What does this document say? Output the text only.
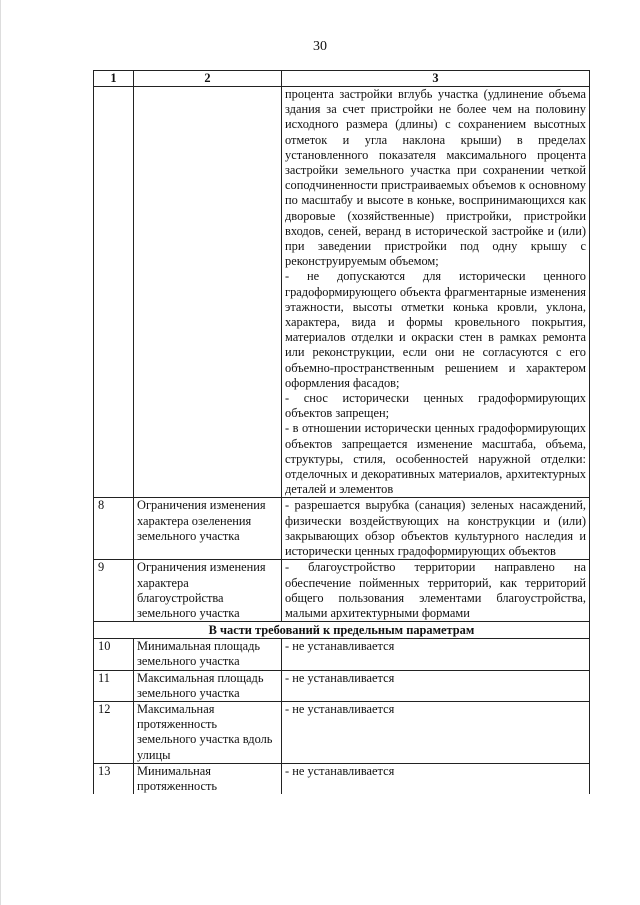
30
1	2	3

		процента застройки вглубь участка (удлинение объема здания за счет пристройки не более чем на половину исходного размера (длины) с сохранением высотных отметок и угла наклона крыши) в пределах установленного показателя максимального процента застройки земельного участка при сохранении четкой соподчиненности пристраиваемых объемов к основному по масштабу и высоте в коньке, воспринимающихся как дворовые (хозяйственные) пристройки, пристройки входов, сеней, веранд в исторической застройке и (или) при заведении пристройки под одну крышу с реконструируемым объемом;
- не допускаются для исторически ценного градоформирующего объекта фрагментарные изменения этажности, высоты отметки конька кровли, уклона, характера, вида и формы кровельного покрытия, материалов отделки и окраски стен в рамках ремонта или реконструкции, если они не согласуются с его объемно-пространственным решением и характером оформления фасадов;
- снос исторически ценных градоформирующих объектов запрещен;
- в отношении исторически ценных градоформирующих объектов запрещается изменение масштаба, объема, структуры, стиля, особенностей наружной отделки: отделочных и декоративных материалов, архитектурных деталей и элементов

8	Ограничения изменения характера озеленения земельного участка	- разрешается вырубка (санация) зеленых насаждений, физически воздействующих на конструкции и (или) закрывающих обзор объектов культурного наследия и исторически ценных градоформирующих объектов
9	Ограничения изменения характера благоустройства земельного участка	- благоустройство территории направлено на обеспечение пойменных территорий, как территорий общего пользования элементами благоустройства, малыми архитектурными формами
В части требований к предельным параметрам		
10	Минимальная площадь земельного участка	- не устанавливается
11	Максимальная площадь земельного участка	- не устанавливается
12	Максимальная протяженность земельного участка вдоль улицы	- не устанавливается
13	Минимальная протяженность	- не устанавливается
